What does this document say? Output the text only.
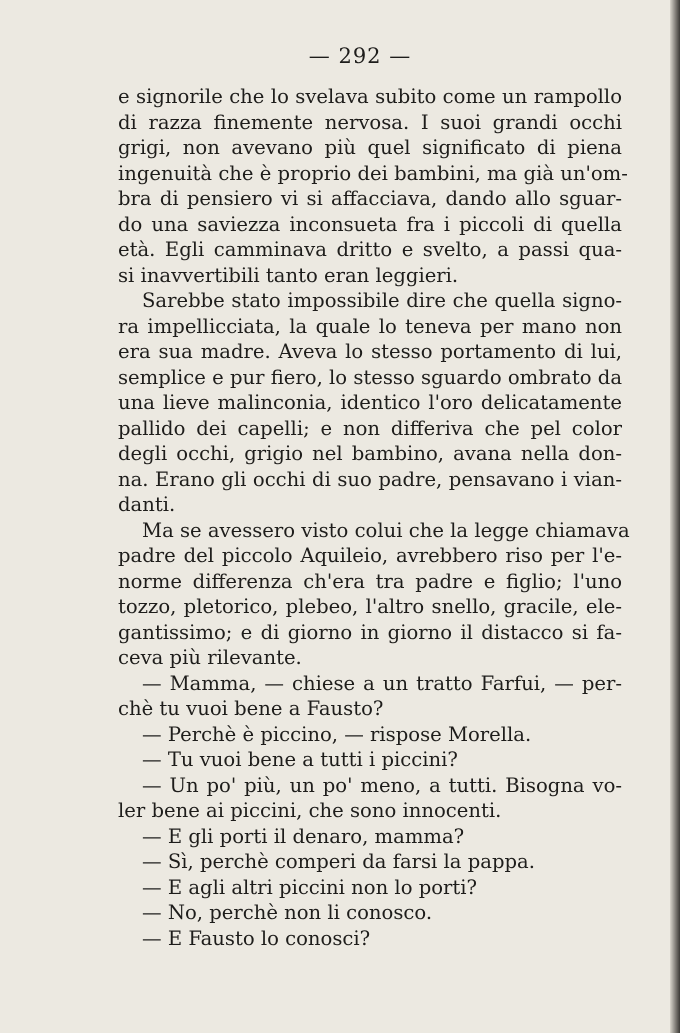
— 292 —
e signorile che lo svelava subito come un rampollo
di razza finemente nervosa. I suoi grandi occhi
grigi, non avevano più quel significato di piena
ingenuità che è proprio dei bambini, ma già un'om-
bra di pensiero vi si affacciava, dando allo sguar-
do una saviezza inconsueta fra i piccoli di quella
età. Egli camminava dritto e svelto, a passi qua-
si inavvertibili tanto eran leggieri.
Sarebbe stato impossibile dire che quella signo-
ra impellicciata, la quale lo teneva per mano non
era sua madre. Aveva lo stesso portamento di lui,
semplice e pur fiero, lo stesso sguardo ombrato da
una lieve malinconia, identico l'oro delicatamente
pallido dei capelli; e non differiva che pel color
degli occhi, grigio nel bambino, avana nella don-
na. Erano gli occhi di suo padre, pensavano i vian-
danti.
Ma se avessero visto colui che la legge chiamava
padre del piccolo Aquileio, avrebbero riso per l'e-
norme differenza ch'era tra padre e figlio; l'uno
tozzo, pletorico, plebeo, l'altro snello, gracile, ele-
gantissimo; e di giorno in giorno il distacco si fa-
ceva più rilevante.
— Mamma, — chiese a un tratto Farfui, — per-
chè tu vuoi bene a Fausto?
— Perchè è piccino, — rispose Morella.
— Tu vuoi bene a tutti i piccini?
— Un po' più, un po' meno, a tutti. Bisogna vo-
ler bene ai piccini, che sono innocenti.
— E gli porti il denaro, mamma?
— Sì, perchè comperi da farsi la pappa.
— E agli altri piccini non lo porti?
— No, perchè non li conosco.
— E Fausto lo conosci?
